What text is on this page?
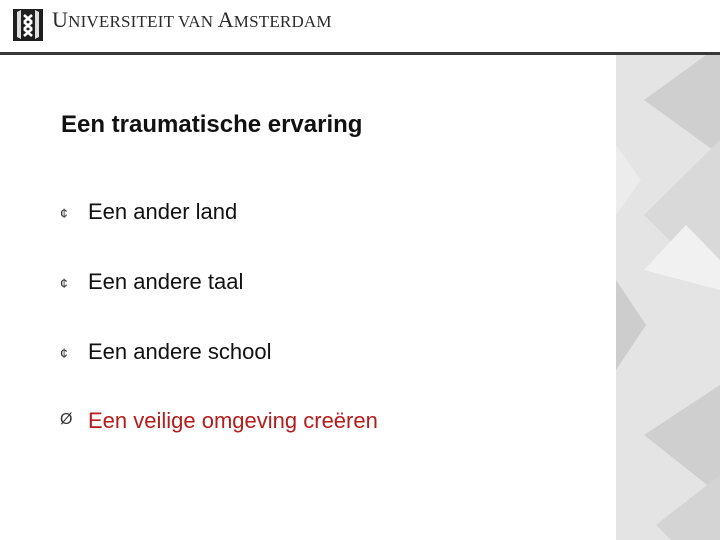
UNIVERSITEIT VAN AMSTERDAM
Een traumatische ervaring
¢ Een ander land
¢ Een andere taal
¢ Een andere school
Ø Een veilige omgeving creëren
